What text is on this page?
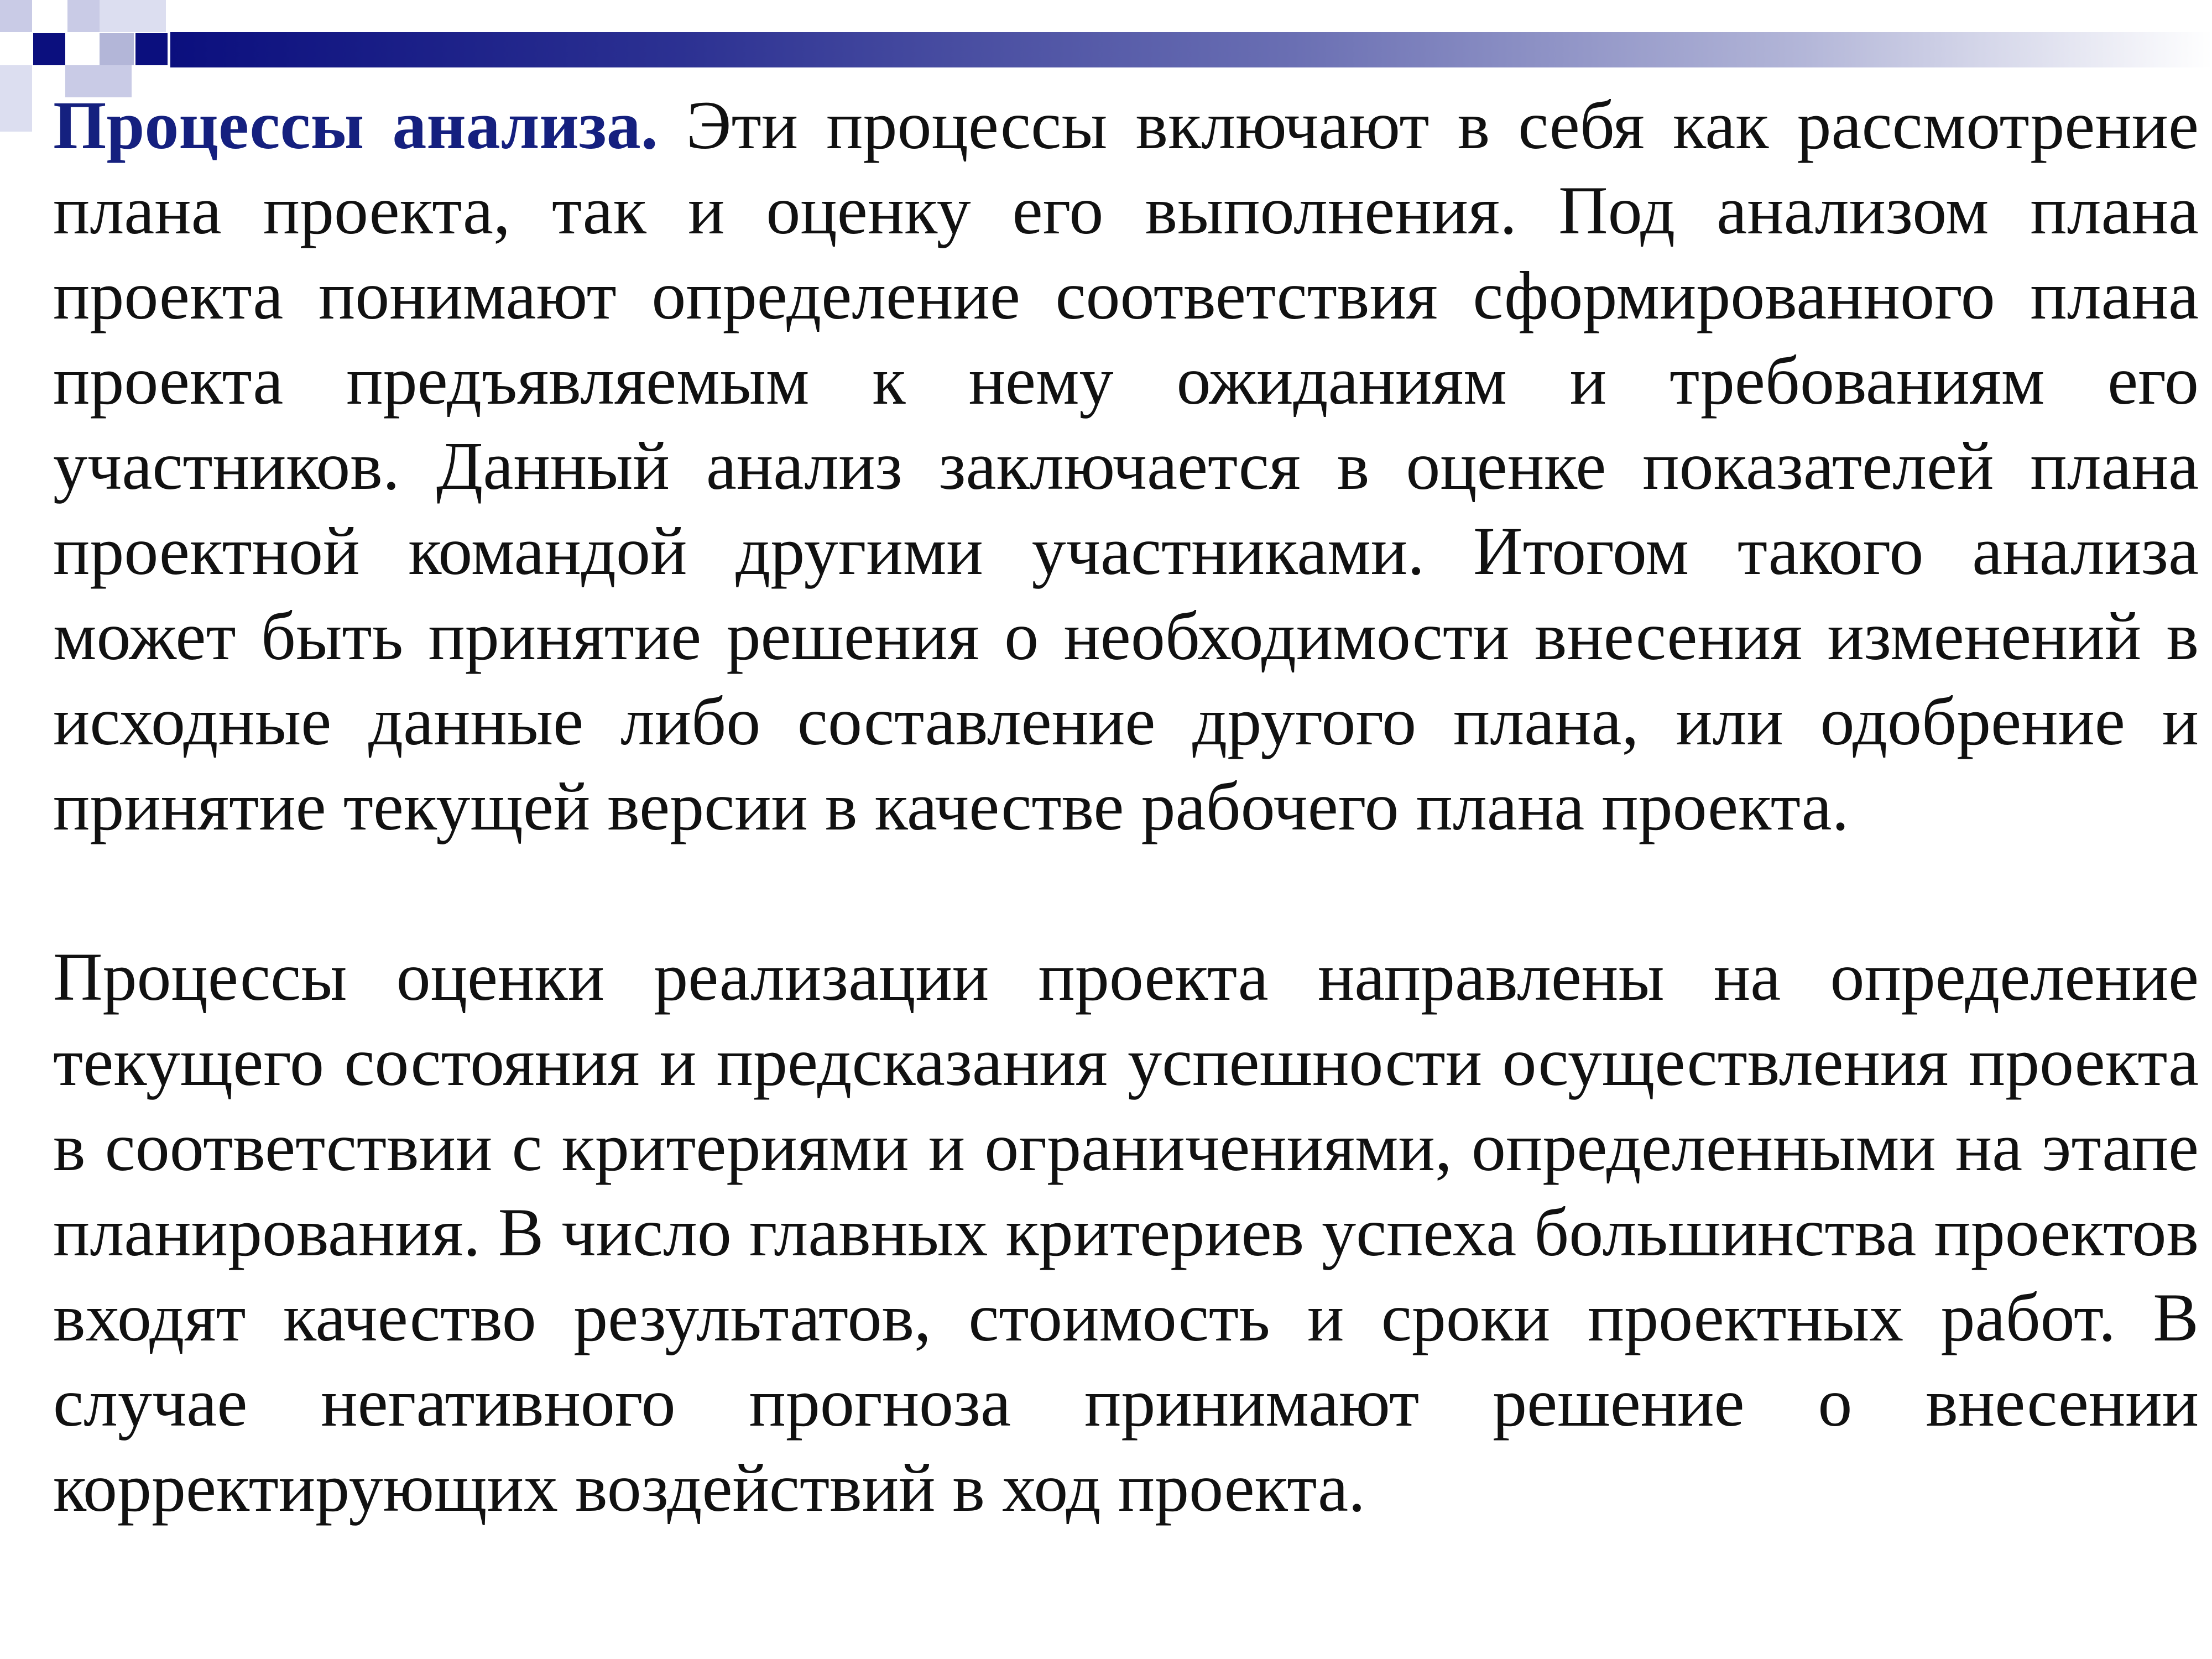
Процессы анализа. Эти процессы включают в себя как рассмотрение плана проекта, так и оценку его выполнения. Под анализом плана проекта понимают определение соответствия сформированного плана проекта предъявляемым к нему ожиданиям и требованиям его участников. Данный анализ заключается в оценке показателей плана проектной командой другими участниками. Итогом такого анализа может быть принятие решения о необходимости внесения изменений в исходные данные либо составление другого плана, или одобрение и принятие текущей версии в качестве рабочего плана проекта.

Процессы оценки реализации проекта направлены на определение текущего состояния и предсказания успешности осуществления проекта в соответствии с критериями и ограничениями, определенными на этапе планирования. В число главных критериев успеха большинства проектов входят качество результатов, стоимость и сроки проектных работ. В случае негативного прогноза принимают решение о внесении корректирующих воздействий в ход проекта.
